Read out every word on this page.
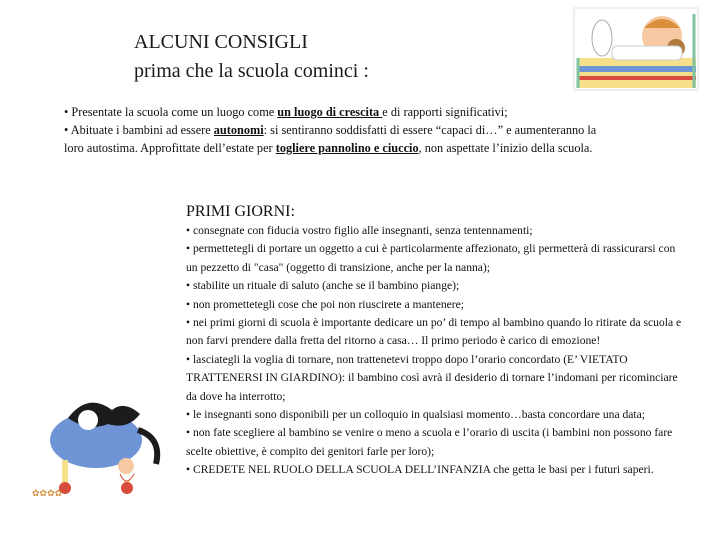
ALCUNI CONSIGLI
prima che la scuola cominci :

• Presentate la scuola come un luogo come un luogo di crescita e di rapporti significativi;

• Abituate i bambini ad essere autonomi: si sentiranno soddisfatti di essere “capaci di…” e aumenteranno la loro autostima. Approfittate dell’estate per togliere pannolino e ciuccio, non aspettate l’inizio della scuola.

PRIMI GIORNI:
• consegnate con fiducia vostro figlio alle insegnanti, senza tentennamenti;
• permettetegli di portare un oggetto a cui è particolarmente affezionato, gli permetterà di rassicurarsi con un pezzetto di "casa" (oggetto di transizione, anche per la nanna);
• stabilite un rituale di saluto (anche se il bambino piange);
• non promettetegli cose che poi non riuscirete a mantenere;
• nei primi giorni di scuola è importante dedicare un po’ di tempo al bambino quando lo ritirate da scuola e non farvi prendere dalla fretta del ritorno a casa… Il primo periodo è carico di emozione!
• lasciategli la voglia di tornare, non trattenetevi troppo dopo l’orario concordato (E’ VIETATO TRATTENERSI IN GIARDINO): il bambino così avrà il desiderio di tornare l’indomani per ricominciare da dove ha interrotto;
• le insegnanti sono disponibili per un colloquio in qualsiasi momento…basta concordare una data;
• non fate scegliere al bambino se venire o meno a scuola e l’orario di uscita (i bambini non possono fare scelte obiettive, è compito dei genitori farle per loro);
• CREDETE NEL RUOLO DELLA SCUOLA DELL’INFANZIA che getta le basi per i futuri saperi.
✿✿✿✿
